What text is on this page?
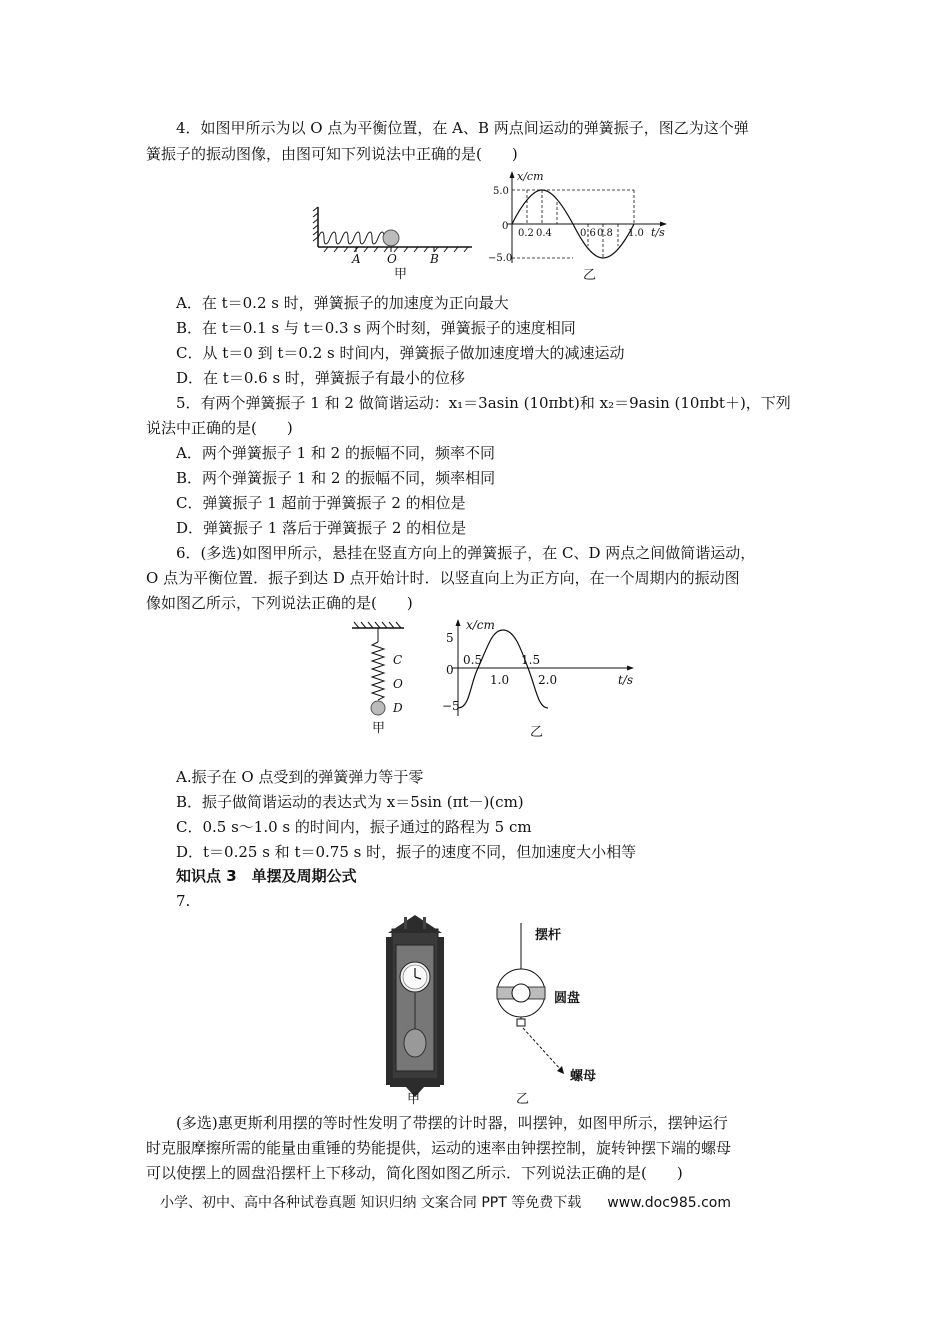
4．如图甲所示为以 O 点为平衡位置，在 A、B 两点间运动的弹簧振子，图乙为这个弹
簧振子的振动图像，由图可知下列说法中正确的是(　　)
A O	B
甲
x/cm
5.0
0
−5.0
0.2 0.4	0.6 0.8 1.0 t/s
乙
A．在 t＝0.2 s 时，弹簧振子的加速度为正向最大
B．在 t＝0.1 s 与 t＝0.3 s 两个时刻，弹簧振子的速度相同
C．从 t＝0 到 t＝0.2 s 时间内，弹簧振子做加速度增大的减速运动
D．在 t＝0.6 s 时，弹簧振子有最小的位移
5．有两个弹簧振子 1 和 2 做简谐运动：x₁＝3asin (10πbt)和 x₂＝9asin (10πbt＋)，下列
说法中正确的是(　　)
A．两个弹簧振子 1 和 2 的振幅不同，频率不同
B．两个弹簧振子 1 和 2 的振幅不同，频率相同
C．弹簧振子 1 超前于弹簧振子 2 的相位是
D．弹簧振子 1 落后于弹簧振子 2 的相位是
6．(多选)如图甲所示，悬挂在竖直方向上的弹簧振子，在 C、D 两点之间做简谐运动，
O 点为平衡位置．振子到达 D 点开始计时．以竖直向上为正方向，在一个周期内的振动图
像如图乙所示，下列说法正确的是(　　)
C
O
D
甲
x/cm
5
0
−5
0.5
1.0
1.5
2.0	t/s
乙
A.振子在 O 点受到的弹簧弹力等于零
B．振子做简谐运动的表达式为 x＝5sin (πt－)(cm)
C．0.5 s～1.0 s 的时间内，振子通过的路程为 5 cm
D．t＝0.25 s 和 t＝0.75 s 时，振子的速度不同，但加速度大小相等
知识点 3　单摆及周期公式
7.
甲
摆杆
圆盘
螺母
乙
(多选)惠更斯利用摆的等时性发明了带摆的计时器，叫摆钟，如图甲所示，摆钟运行
时克服摩擦所需的能量由重锤的势能提供，运动的速率由钟摆控制，旋转钟摆下端的螺母
可以使摆上的圆盘沿摆杆上下移动，简化图如图乙所示．下列说法正确的是(　　)
小学、初中、高中各种试卷真题 知识归纳 文案合同 PPT 等免费下载 www.doc985.com
